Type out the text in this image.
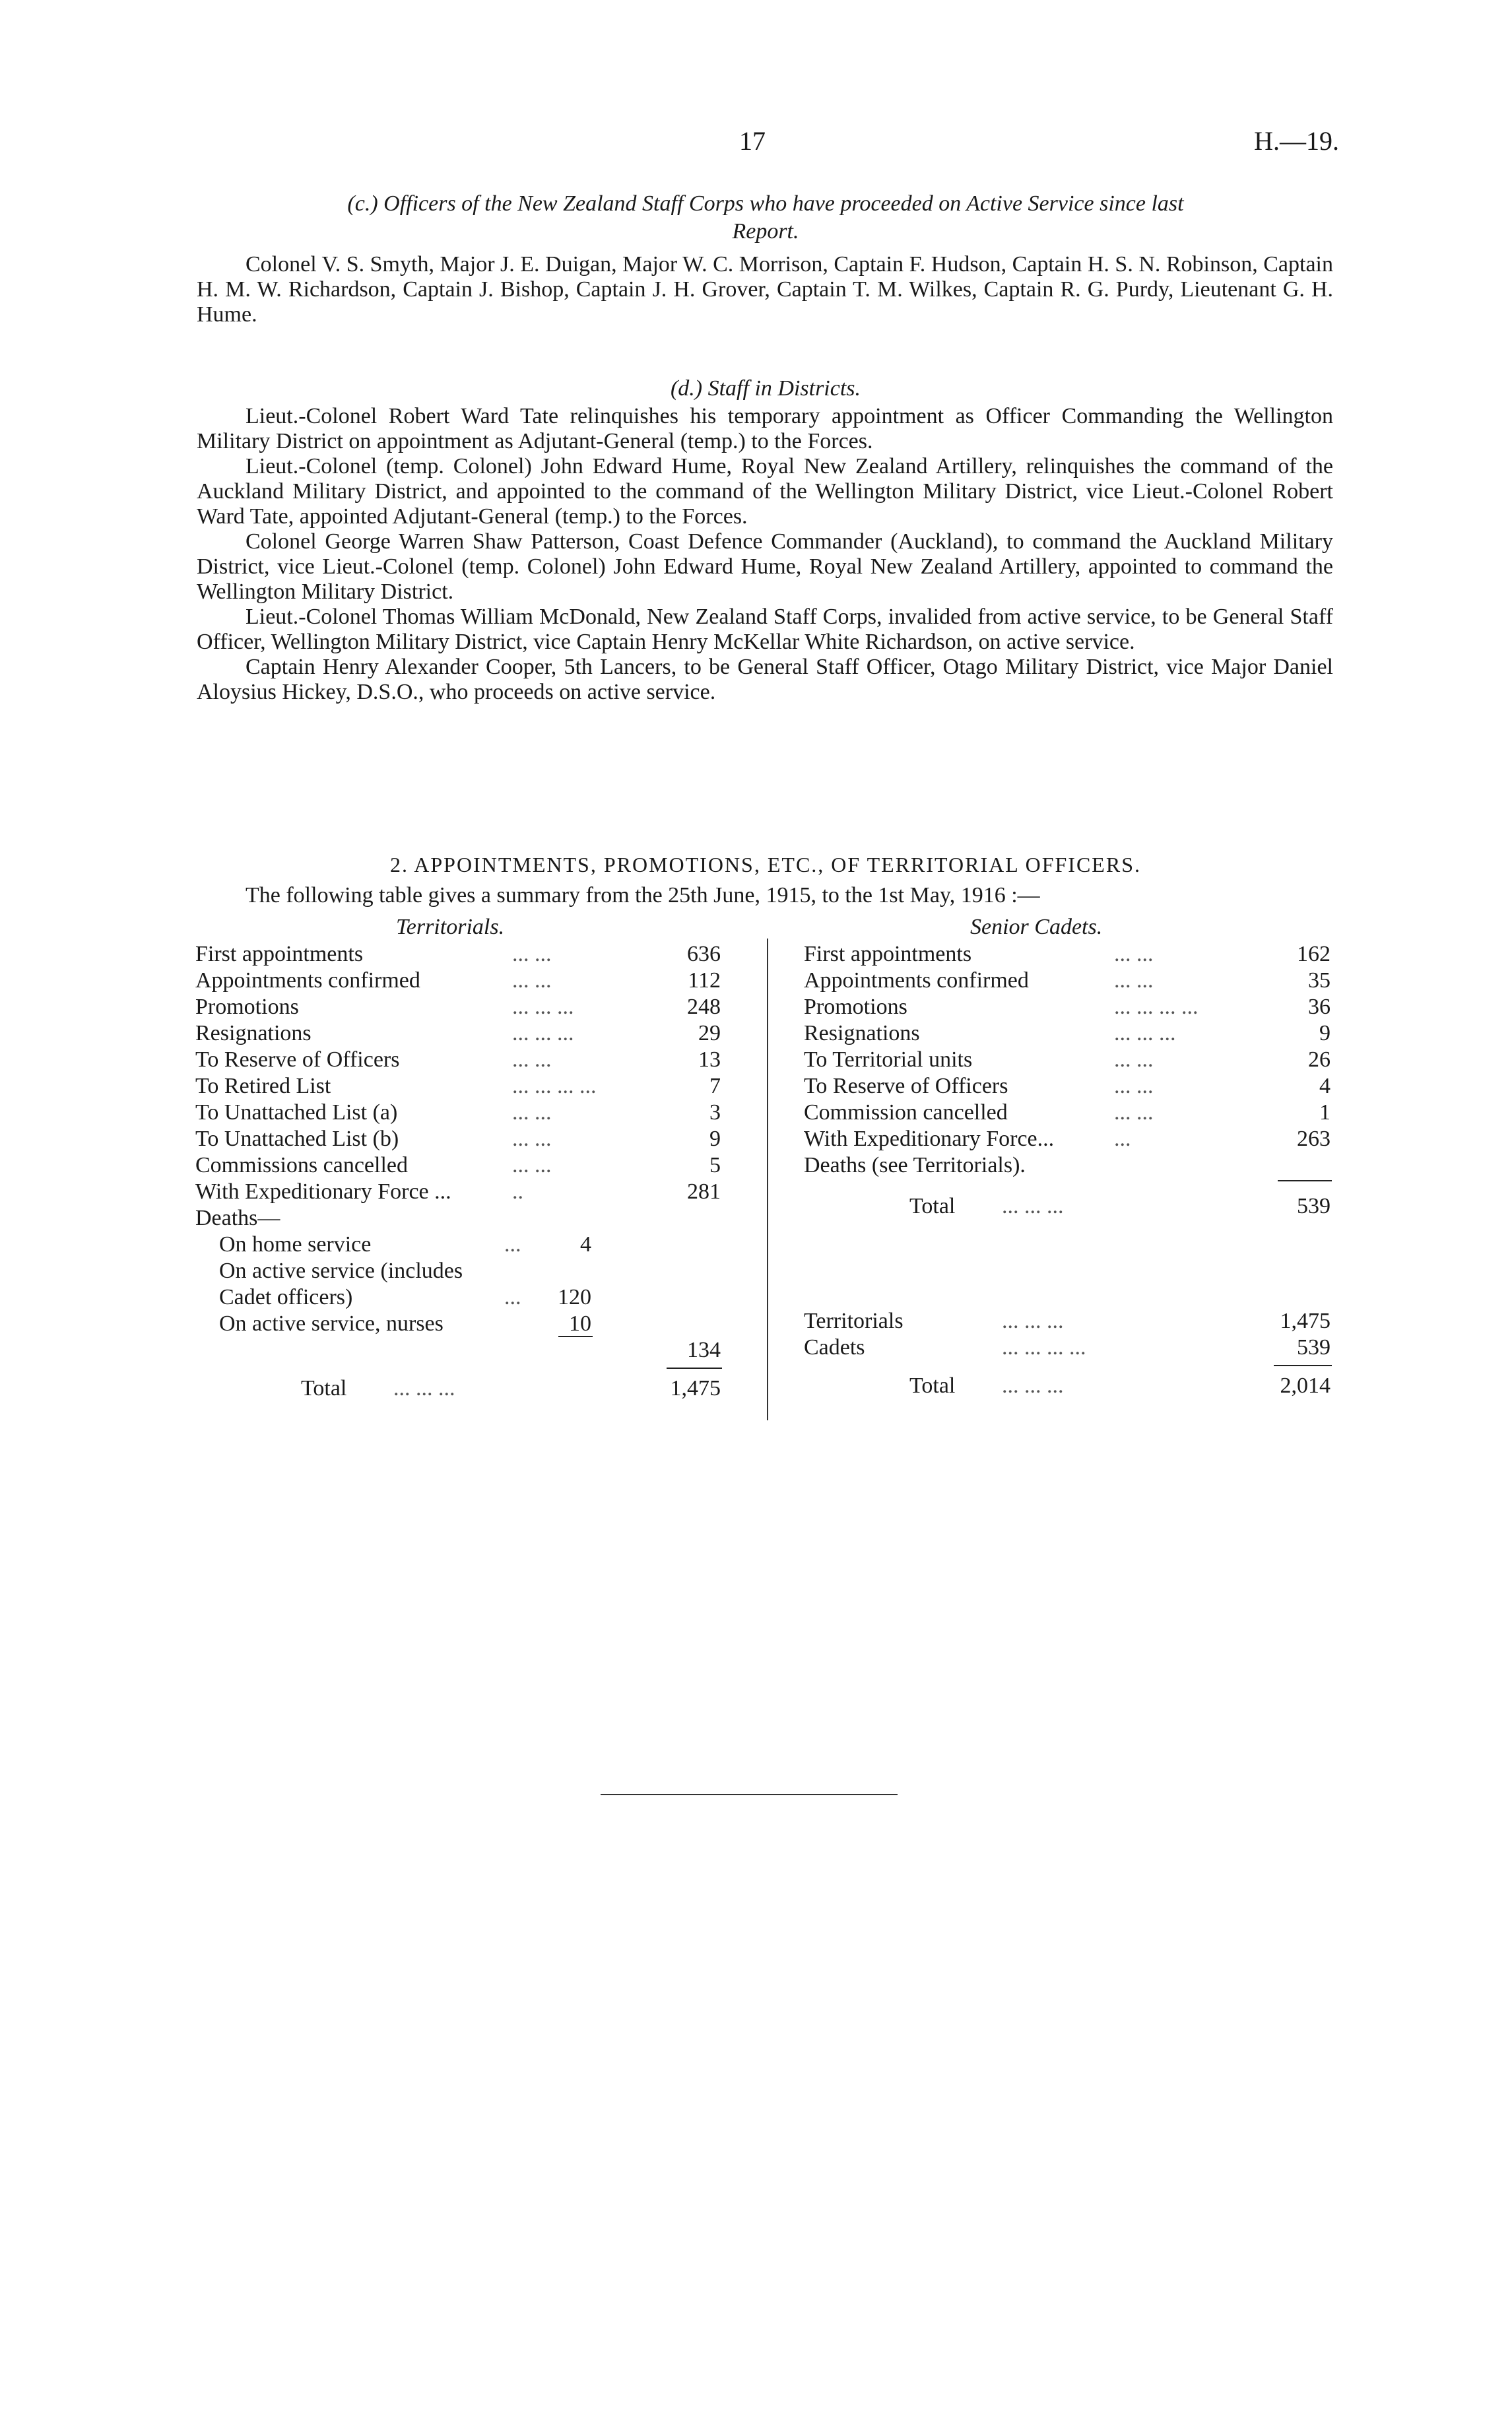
17	H.—19.
(c.) Officers of the New Zealand Staff Corps who have proceeded on Active Service since last
Report.

Colonel V. S. Smyth, Major J. E. Duigan, Major W. C. Morrison, Captain F. Hudson, Captain H. S. N. Robinson, Captain H. M. W. Richardson, Captain J. Bishop, Captain J. H. Grover, Captain T. M. Wilkes, Captain R. G. Purdy, Lieutenant G. H. Hume.

(d.) Staff in Districts.

Lieut.-Colonel Robert Ward Tate relinquishes his temporary appointment as Officer Commanding the Wellington Military District on appointment as Adjutant-General (temp.) to the Forces.

Lieut.-Colonel (temp. Colonel) John Edward Hume, Royal New Zealand Artillery, relinquishes the command of the Auckland Military District, and appointed to the command of the Wellington Military District, vice Lieut.-Colonel Robert Ward Tate, appointed Adjutant-General (temp.) to the Forces.

Colonel George Warren Shaw Patterson, Coast Defence Commander (Auckland), to command the Auckland Military District, vice Lieut.-Colonel (temp. Colonel) John Edward Hume, Royal New Zealand Artillery, appointed to command the Wellington Military District.

Lieut.-Colonel Thomas William McDonald, New Zealand Staff Corps, invalided from active service, to be General Staff Officer, Wellington Military District, vice Captain Henry McKellar White Richardson, on active service.

Captain Henry Alexander Cooper, 5th Lancers, to be General Staff Officer, Otago Military District, vice Major Daniel Aloysius Hickey, D.S.O., who proceeds on active service.

2. APPOINTMENTS, PROMOTIONS, ETC., OF TERRITORIAL OFFICERS.
The following table gives a summary from the 25th June, 1915, to the 1st May, 1916 :—
Territorials.	Senior Cadets.
First appointments	... ...	636
Appointments confirmed	... ...	112
Promotions	... ... ...	248
Resignations	... ... ...	29
To Reserve of Officers	... ...	13
To Retired List	... ... ... ...	7
To Unattached List (a)	... ...	3
To Unattached List (b)	... ...	9
Commissions cancelled	... ...	5
With Expeditionary Force ...	..	281
Deaths—
On home service	...	4
On active service (includes
Cadet officers)	... 120
On active service, nurses	10
134
Total ... ... ...	1,475
First appointments	... ...	162
Appointments confirmed	... ...	35
Promotions	... ... ... ...	36
Resignations	... ... ...	9
To Territorial units	... ...	26
To Reserve of Officers	... ...	4
Commission cancelled	... ...	1
With Expeditionary Force...	...	263
Deaths (see Territorials).
Total ... ... ...	539
Territorials	... ... ...	1,475
Cadets	... ... ... ...	539
Total ... ... ...	2,014
